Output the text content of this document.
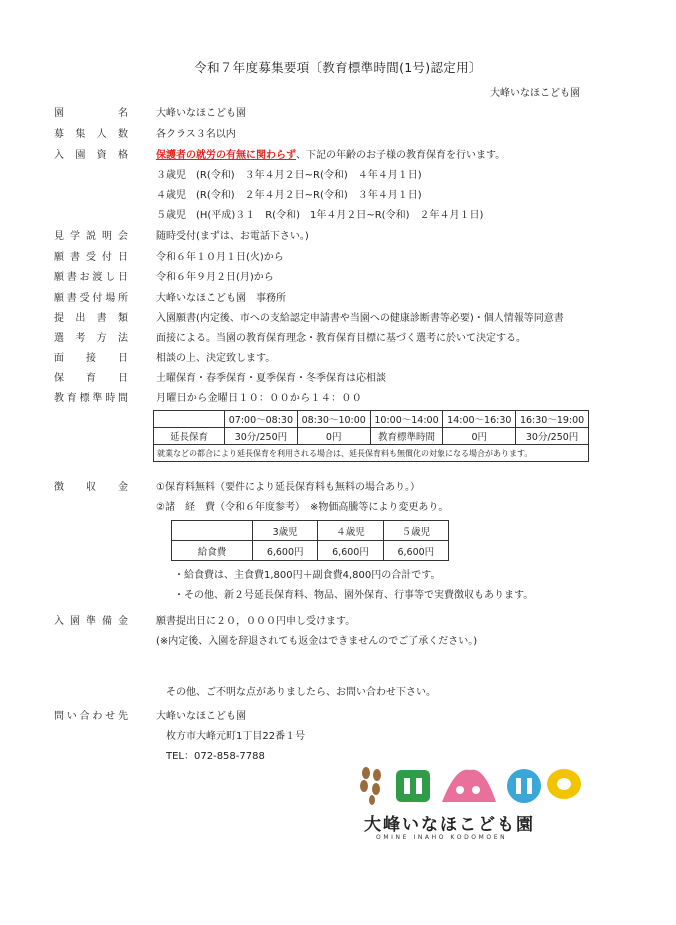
令和７年度募集要項〔教育標準時間(1号)認定用〕
大峰いなほこども園
園名	大峰いなほこども園
募集人数	各クラス３名以内
入園資格	保護者の就労の有無に関わらず、下記の年齢のお子様の教育保育を行います。
３歳児　(R(令和)　３年４月２日~R(令和)　４年４月１日)
４歳児　(R(令和)　２年４月２日~R(令和)　３年４月１日)
５歳児　(H(平成)３１　R(令和)　1年４月２日~R(令和)　２年４月１日)
見学説明会	随時受付(まずは、お電話下さい。)
願書受付日	令和６年１０月１日(火)から
願書お渡し日	令和６年９月２日(月)から
願書受付場所	大峰いなほこども園　事務所
提出書類	入園願書(内定後、市への支給認定申請書や当園への健康診断書等必要)・個人情報等同意書
選考方法	面接による。当園の教育保育理念・教育保育目標に基づく選考に於いて決定する。
面接日	相談の上、決定致します。
保育日	土曜保育・春季保育・夏季保育・冬季保育は応相談
教育標準時間	月曜日から金曜日１０：００から１４：００
	07:00～08:30	08:30～10:00	10:00～14:00	14:00～16:30	16:30～19:00
延長保育	30分/250円	0円	教育標準時間	0円	30分/250円
就業などの都合により延長保育を利用される場合は、延長保育料も無償化の対象になる場合があります。					
徴収金	①保育料無料（要件により延長保育料も無料の場合あり。）
②諸　経　費（令和６年度参考）　※物価高騰等により変更あり。
	3歳児	４歳児	５歳児
給食費	6,600円	6,600円	6,600円
・給食費は、主食費1,800円＋副食費4,800円の合計です。
・その他、新２号延長保育料、物品、園外保育、行事等で実費徴収もあります。
入園準備金	願書提出日に２０，０００円申し受けます。
(※内定後、入園を辞退されても返金はできませんのでご了承ください。)
その他、ご不明な点がありましたら、お問い合わせ下さい。
問い合わせ先	大峰いなほこども園
枚方市大峰元町1丁目22番１号
TEL：072-858-7788
大峰いなほこども園
OMINE INAHO KODOMOEN
